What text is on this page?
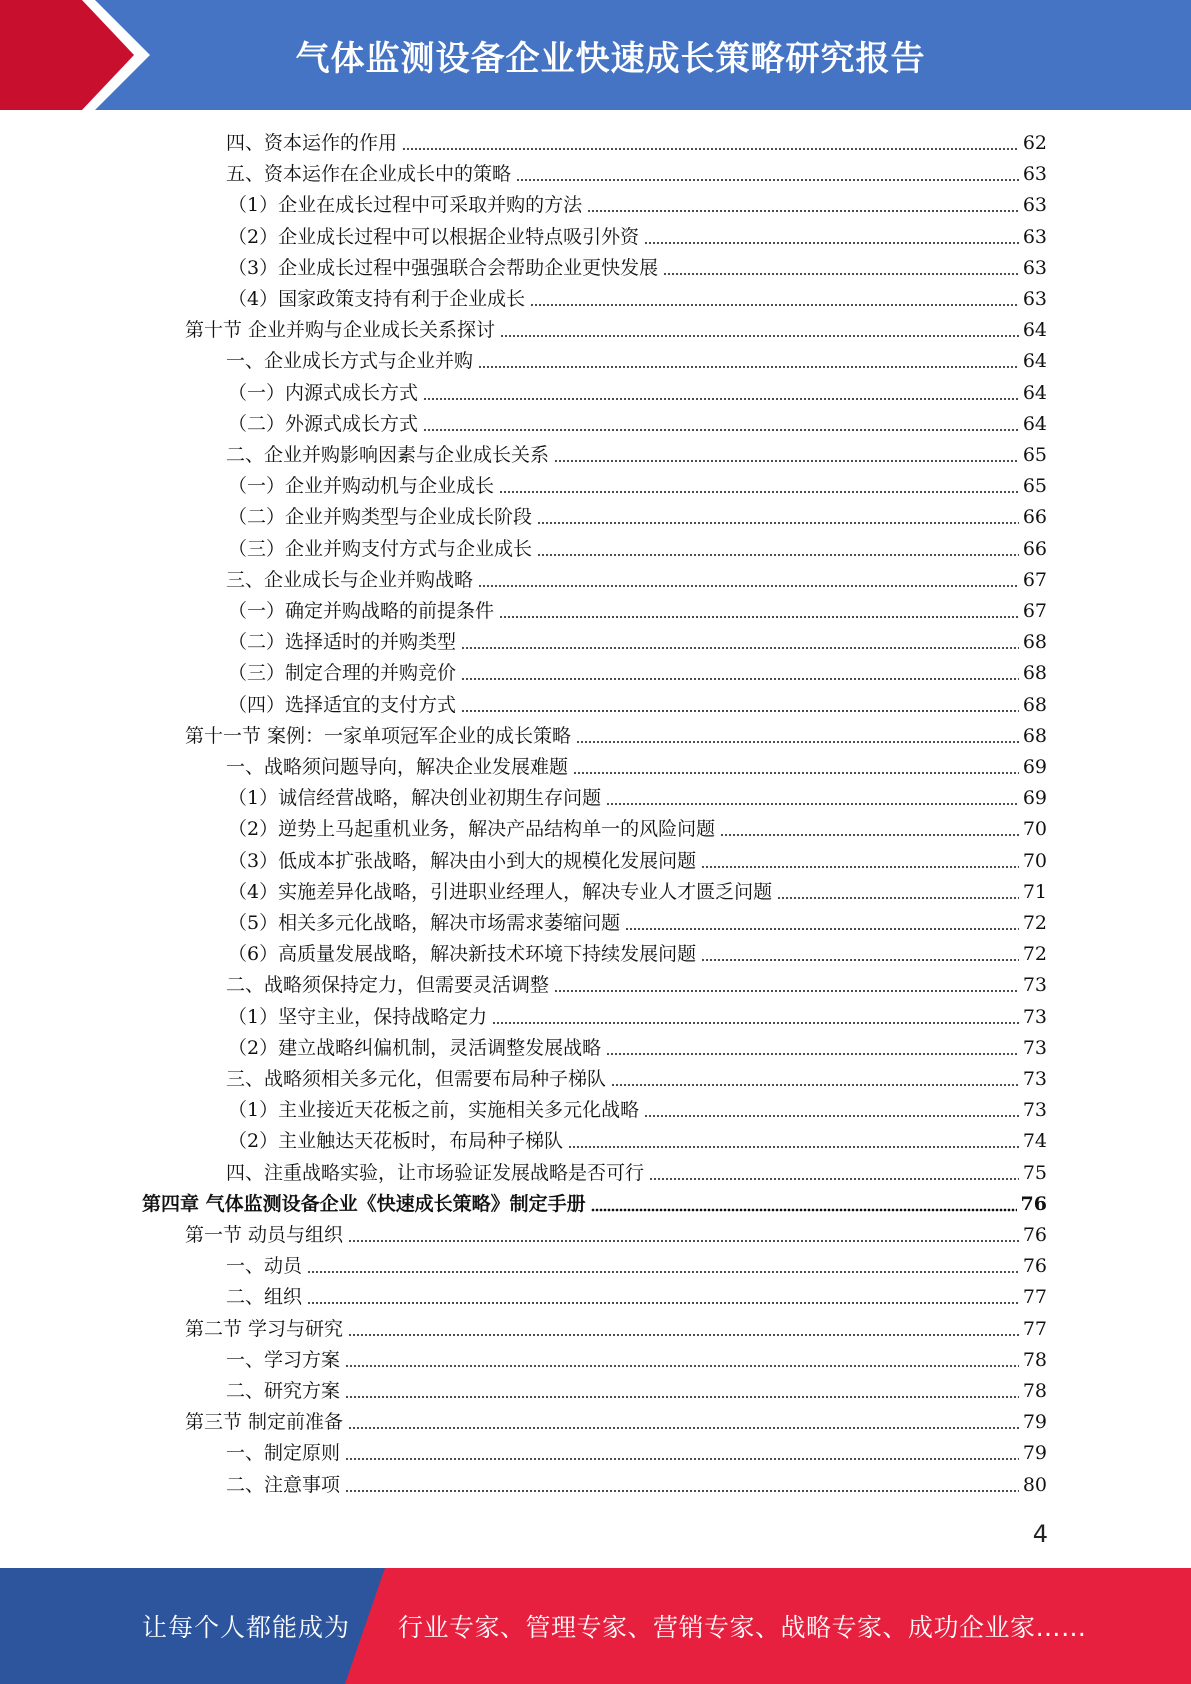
气体监测设备企业快速成长策略研究报告
四、资本运作的作用	62
五、资本运作在企业成长中的策略	63
（1）企业在成长过程中可采取并购的方法	63
（2）企业成长过程中可以根据企业特点吸引外资	63
（3）企业成长过程中强强联合会帮助企业更快发展	63
（4）国家政策支持有利于企业成长	63
第十节 企业并购与企业成长关系探讨	64
一、企业成长方式与企业并购	64
（一）内源式成长方式	64
（二）外源式成长方式	64
二、企业并购影响因素与企业成长关系	65
（一）企业并购动机与企业成长	65
（二）企业并购类型与企业成长阶段	66
（三）企业并购支付方式与企业成长	66
三、企业成长与企业并购战略	67
（一）确定并购战略的前提条件	67
（二）选择适时的并购类型	68
（三）制定合理的并购竞价	68
（四）选择适宜的支付方式	68
第十一节 案例：一家单项冠军企业的成长策略	68
一、战略须问题导向，解决企业发展难题	69
（1）诚信经营战略，解决创业初期生存问题	69
（2）逆势上马起重机业务，解决产品结构单一的风险问题	70
（3）低成本扩张战略，解决由小到大的规模化发展问题	70
（4）实施差异化战略，引进职业经理人，解决专业人才匮乏问题	71
（5）相关多元化战略，解决市场需求萎缩问题	72
（6）高质量发展战略，解决新技术环境下持续发展问题	72
二、战略须保持定力，但需要灵活调整	73
（1）坚守主业，保持战略定力	73
（2）建立战略纠偏机制，灵活调整发展战略	73
三、战略须相关多元化，但需要布局种子梯队	73
（1）主业接近天花板之前，实施相关多元化战略	73
（2）主业触达天花板时，布局种子梯队	74
四、注重战略实验，让市场验证发展战略是否可行	75
第四章 气体监测设备企业《快速成长策略》制定手册	76
第一节 动员与组织	76
一、动员	76
二、组织	77
第二节 学习与研究	77
一、学习方案	78
二、研究方案	78
第三节 制定前准备	79
一、制定原则	79
二、注意事项	80
4
让每个人都能成为 行业专家、管理专家、营销专家、战略专家、成功企业家……
